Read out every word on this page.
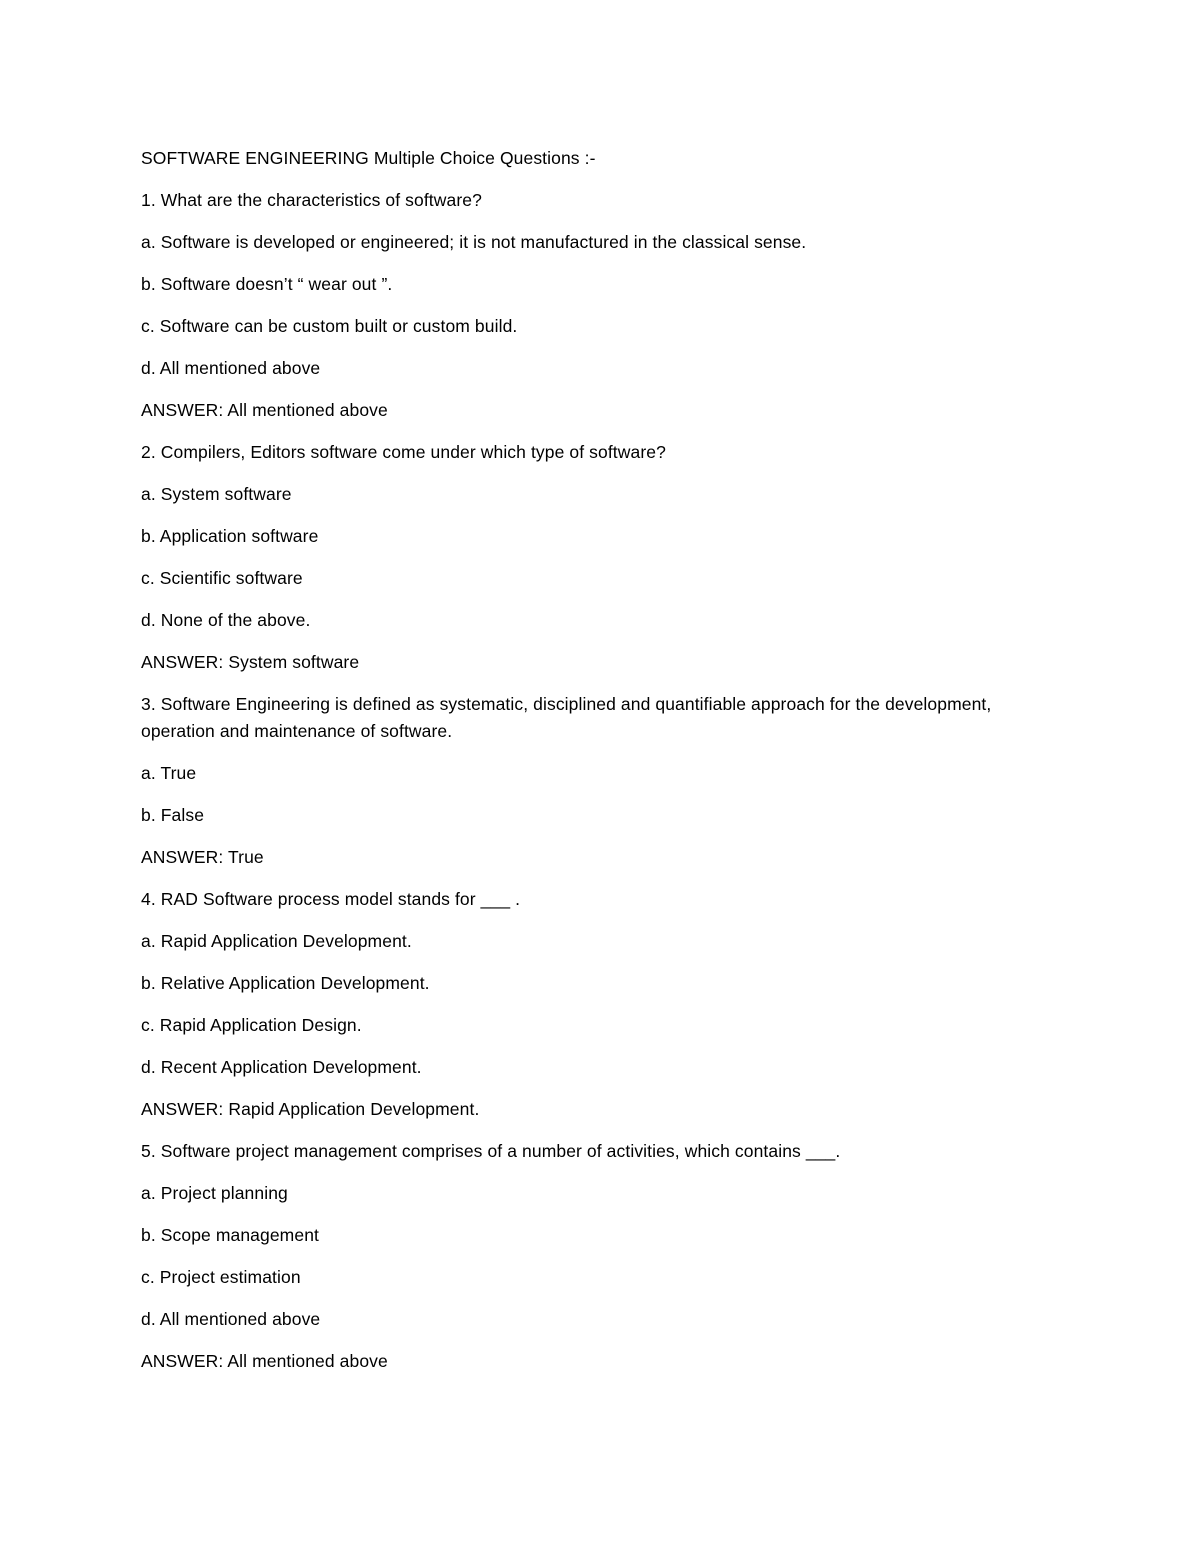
SOFTWARE ENGINEERING Multiple Choice Questions :-

1. What are the characteristics of software?

a. Software is developed or engineered; it is not manufactured in the classical sense.

b. Software doesn’t “ wear out ”.

c. Software can be custom built or custom build.

d. All mentioned above

ANSWER: All mentioned above

2. Compilers, Editors software come under which type of software?

a. System software

b. Application software

c. Scientific software

d. None of the above.

ANSWER: System software

3. Software Engineering is defined as systematic, disciplined and quantifiable approach for the development, operation and maintenance of software.

a. True

b. False

ANSWER: True

4. RAD Software process model stands for ___ .

a. Rapid Application Development.

b. Relative Application Development.

c. Rapid Application Design.

d. Recent Application Development.

ANSWER: Rapid Application Development.

5. Software project management comprises of a number of activities, which contains ___.

a. Project planning

b. Scope management

c. Project estimation

d. All mentioned above

ANSWER: All mentioned above
